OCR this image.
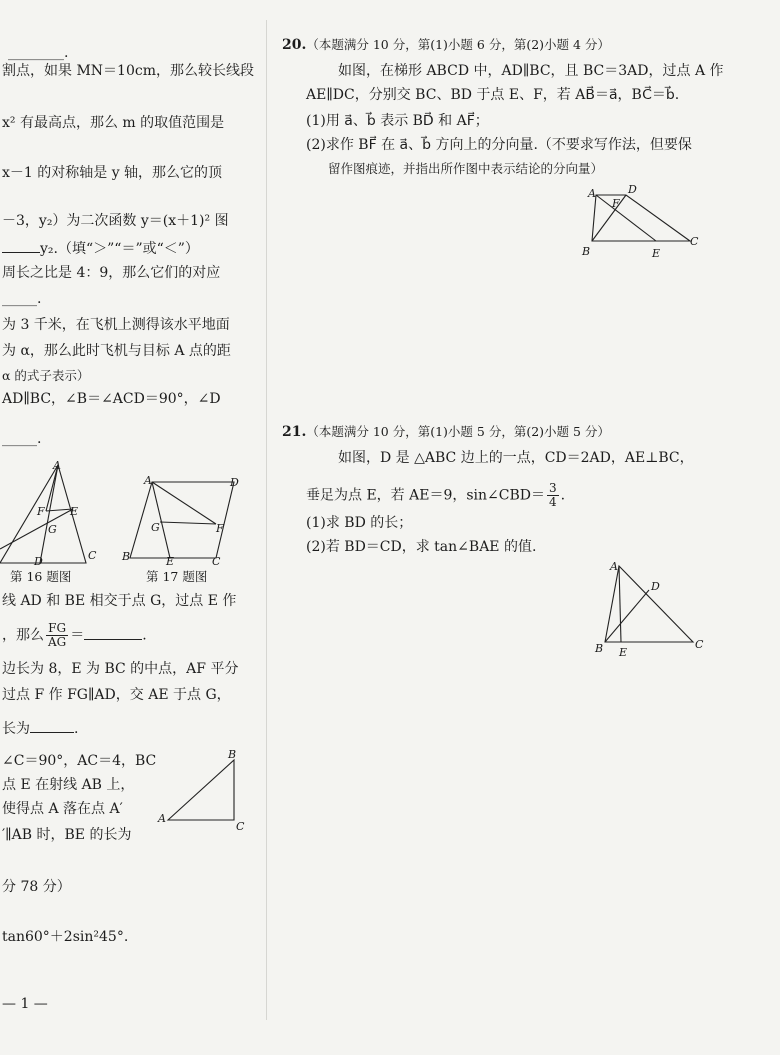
________.
割点，如果 MN＝10cm，那么较长线段
x² 有最高点，那么 m 的取值范围是
x－1 的对称轴是 y 轴，那么它的顶
－3，y₂）为二次函数 y＝(x＋1)² 图
y₂.（填“＞”“＝”或“＜”）
周长之比是 4：9，那么它们的对应
_____.
为 3 千米，在飞机上测得该水平地面
为 α，那么此时飞机与目标 A 点的距
α 的式子表示）
AD∥BC，∠B＝∠ACD＝90°，∠D
_____.
A
E
F
G
D	C
第 16 题图
A	D
F
G
B	E	C
第 17 题图
线 AD 和 BE 相交于点 G，过点 E 作
，那么 $\frac{FG}{AG}$ ＝	.
边长为 8，E 为 BC 的中点，AF 平分
过点 F 作 FG∥AD，交 AE 于点 G，
长为	.
∠C＝90°，AC＝4，BC
点 E 在射线 AB 上，
使得点 A 落在点 A′
′∥AB 时，BE 的长为
B
A
C
分 78 分）
tan60°＋2sin²45°.
— 1 —
20.（本题满分 10 分，第(1)小题 6 分，第(2)小题 4 分）
如图，在梯形 ABCD 中，AD∥BC，且 BC＝3AD，过点 A 作
AE∥DC，分别交 BC、BD 于点 E、F，若 AB⃗＝a⃗，BC⃗＝b⃗.
(1)用 a⃗、b⃗ 表示 BD⃗ 和 AF⃗；
(2)求作 BF⃗ 在 a⃗、b⃗ 方向上的分向量.（不要求写作法，但要保
留作图痕迹，并指出所作图中表示结论的分向量）
A	D
F
B	E
C
21.（本题满分 10 分，第(1)小题 5 分，第(2)小题 5 分）
如图，D 是 △ABC 边上的一点，CD＝2AD，AE⊥BC，
垂足为点 E，若 AE＝9，sin∠CBD＝ $\frac{3}{4}$ .
(1)求 BD 的长；
(2)若 BD＝CD，求 tan∠BAE 的值.
A
D
B E
C
